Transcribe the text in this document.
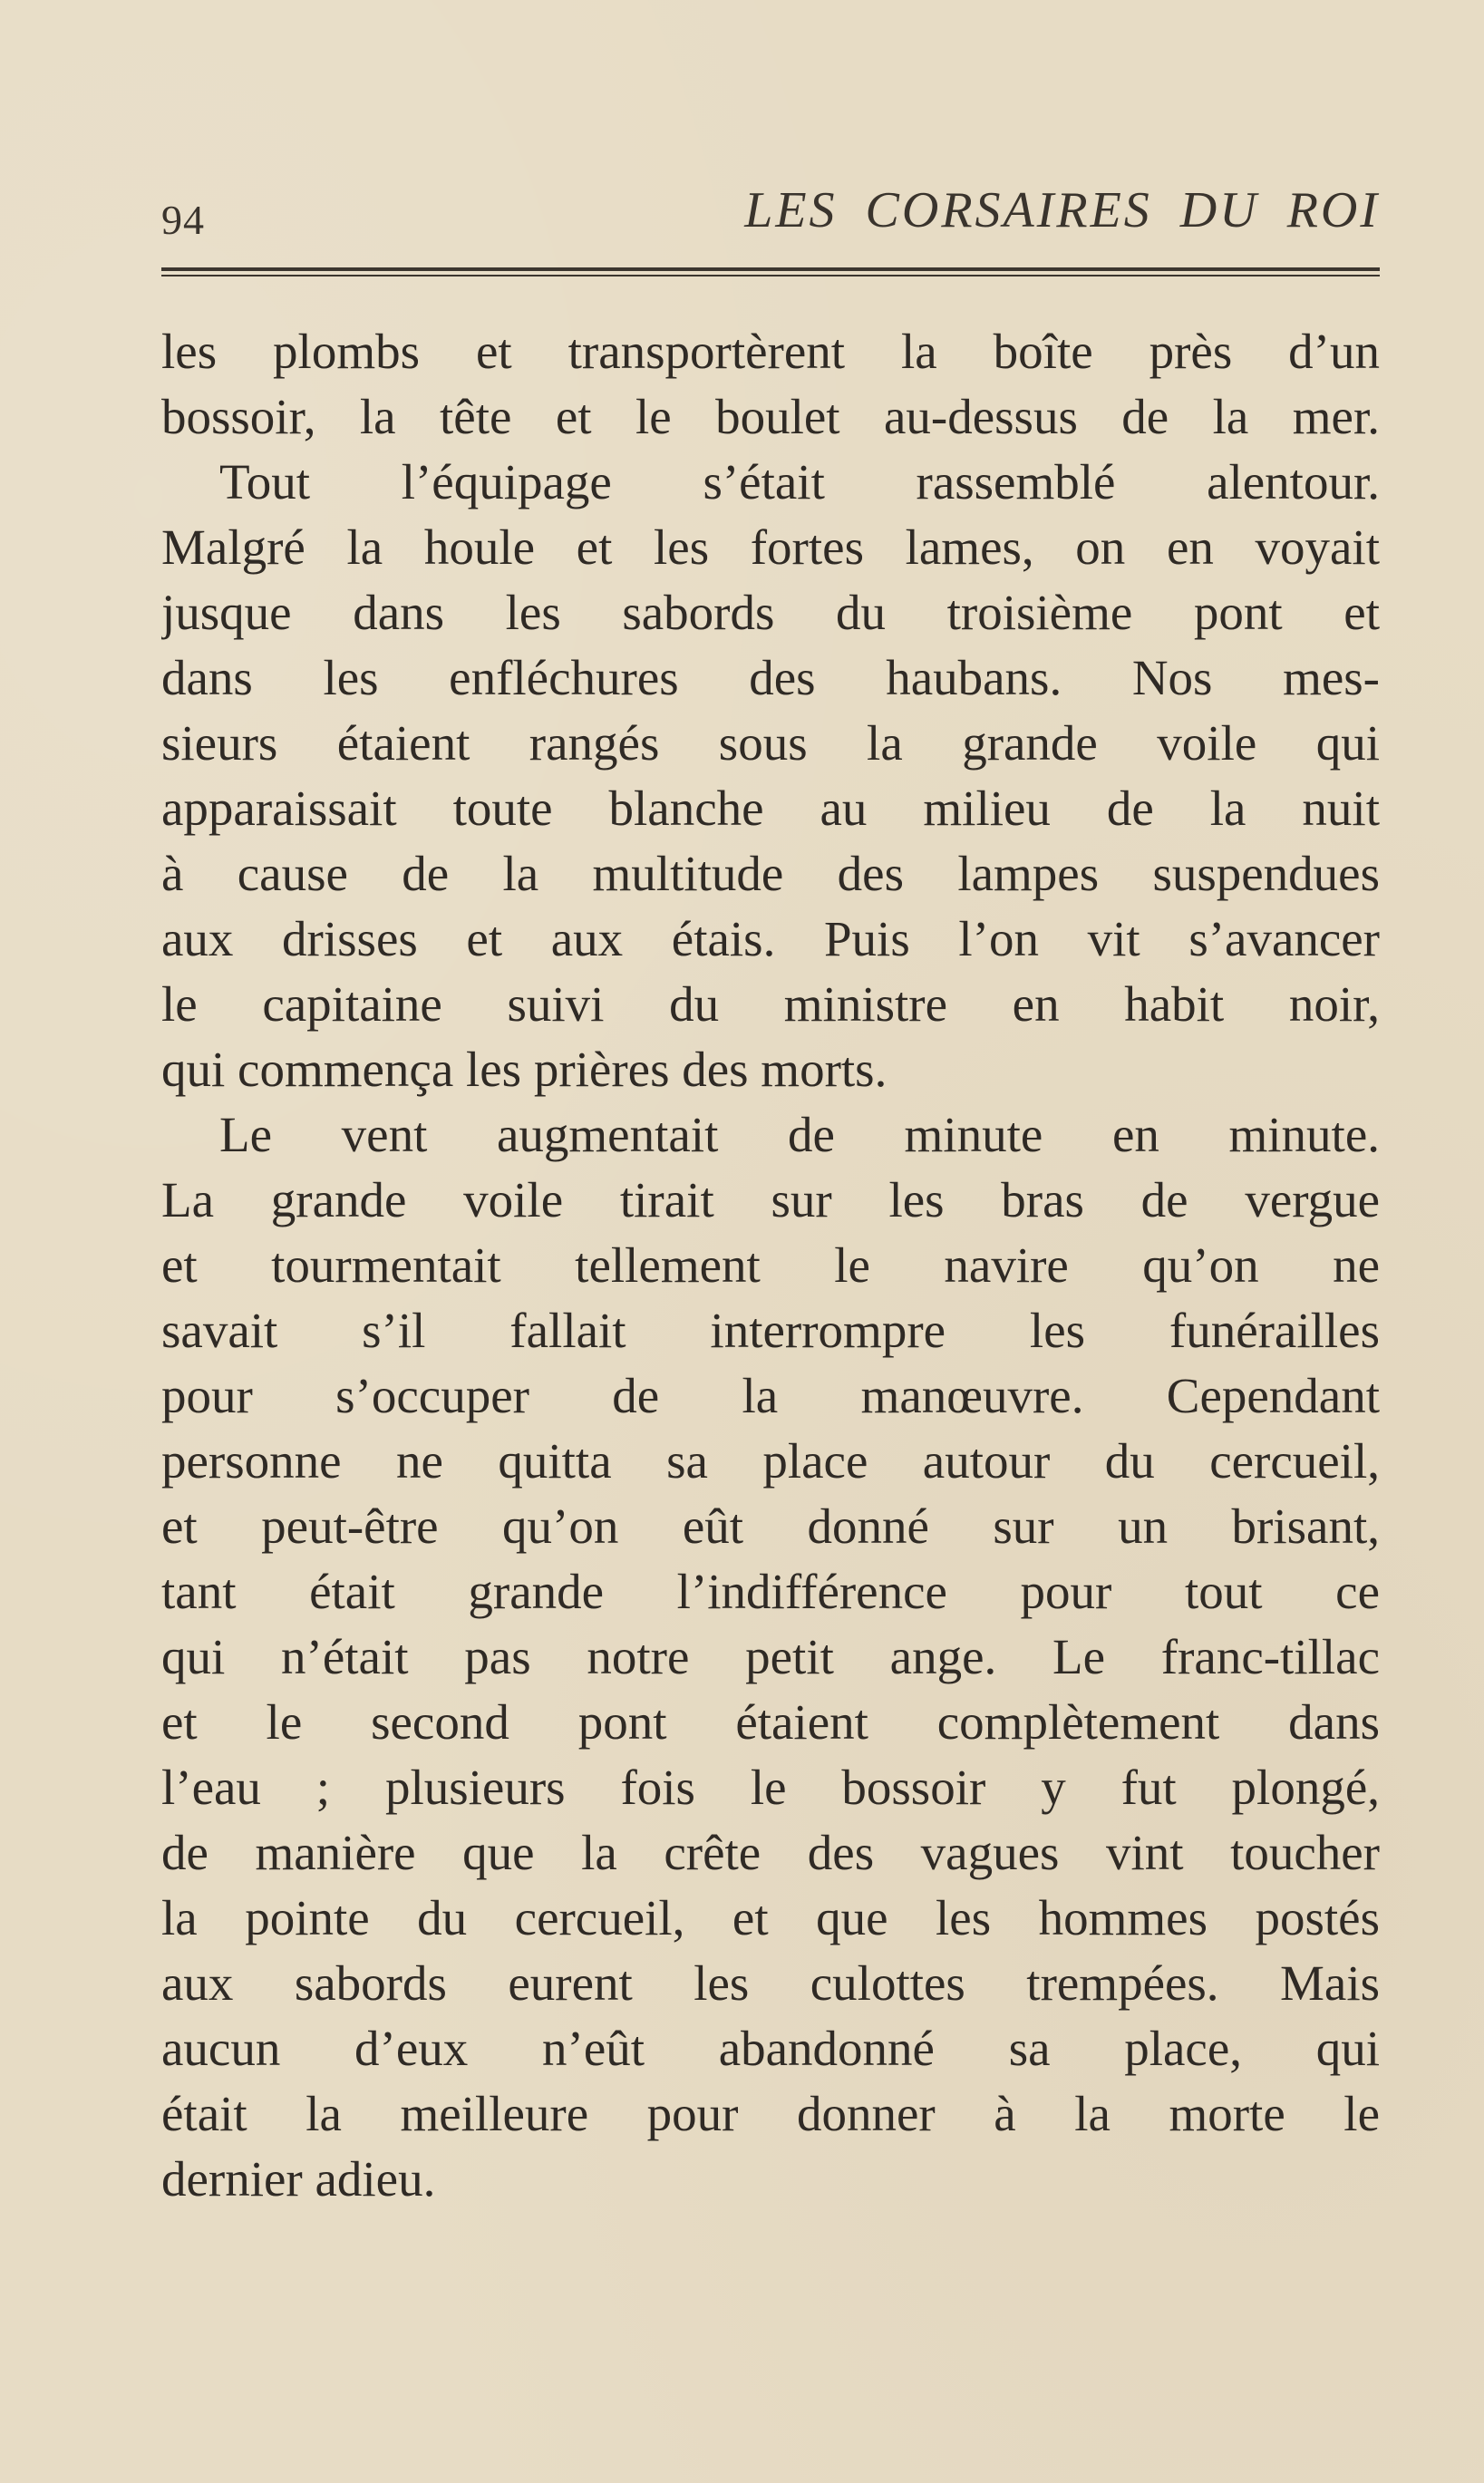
94	LES CORSAIRES DU ROI
les plombs et transportèrent la boîte près d’un
bossoir, la tête et le boulet au-dessus de la mer.
Tout l’équipage s’était rassemblé alentour.
Malgré la houle et les fortes lames, on en voyait
jusque dans les sabords du troisième pont et
dans les enfléchures des haubans. Nos mes-
sieurs étaient rangés sous la grande voile qui
apparaissait toute blanche au milieu de la nuit
à cause de la multitude des lampes suspendues
aux drisses et aux étais. Puis l’on vit s’avancer
le capitaine suivi du ministre en habit noir,
qui commença les prières des morts.
Le vent augmentait de minute en minute.
La grande voile tirait sur les bras de vergue
et tourmentait tellement le navire qu’on ne
savait s’il fallait interrompre les funérailles
pour s’occuper de la manœuvre. Cependant
personne ne quitta sa place autour du cercueil,
et peut-être qu’on eût donné sur un brisant,
tant était grande l’indifférence pour tout ce
qui n’était pas notre petit ange. Le franc-tillac
et le second pont étaient complètement dans
l’eau ; plusieurs fois le bossoir y fut plongé,
de manière que la crête des vagues vint toucher
la pointe du cercueil, et que les hommes postés
aux sabords eurent les culottes trempées. Mais
aucun d’eux n’eût abandonné sa place, qui
était la meilleure pour donner à la morte le
dernier adieu.
